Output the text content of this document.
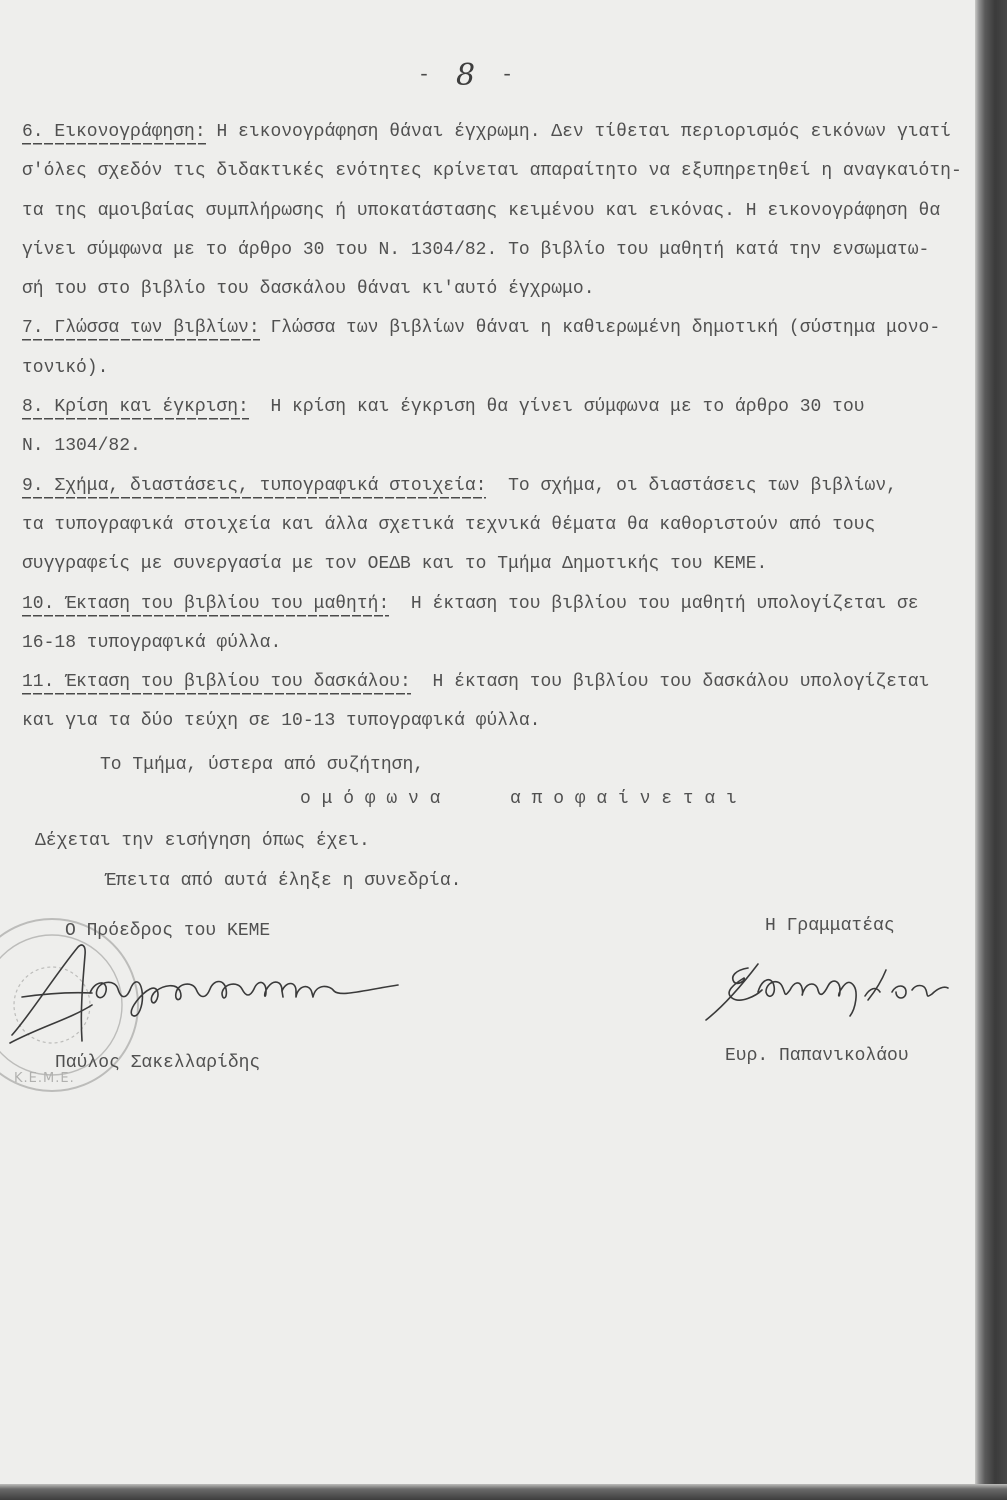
- 8 -
6. Εικονογράφηση: Η εικονογράφηση θάναι έγχρωμη. Δεν τίθεται περιορισμός εικόνων γιατί
σ'όλες σχεδόν τις διδακτικές ενότητες κρίνεται απαραίτητο να εξυπηρετηθεί η αναγκαιότη-
τα της αμοιβαίας συμπλήρωσης ή υποκατάστασης κειμένου και εικόνας. Η εικονογράφηση θα
γίνει σύμφωνα με το άρθρο 30 του Ν. 1304/82. Το βιβλίο του μαθητή κατά την ενσωματω-
σή του στο βιβλίο του δασκάλου θάναι κι'αυτό έγχρωμο.
7. Γλώσσα των βιβλίων: Γλώσσα των βιβλίων θάναι η καθιερωμένη δημοτική (σύστημα μονο-
τονικό).
8. Κρίση και έγκριση:  Η κρίση και έγκριση θα γίνει σύμφωνα με το άρθρο 30 του
Ν. 1304/82.
9. Σχήμα, διαστάσεις, τυπογραφικά στοιχεία:  Το σχήμα, οι διαστάσεις των βιβλίων,
τα τυπογραφικά στοιχεία και άλλα σχετικά τεχνικά θέματα θα καθοριστούν από τους
συγγραφείς με συνεργασία με τον ΟΕΔΒ και το Τμήμα Δημοτικής του ΚΕΜΕ.
10. Έκταση του βιβλίου του μαθητή:  Η έκταση του βιβλίου του μαθητή υπολογίζεται σε
16-18 τυπογραφικά φύλλα.
11. Έκταση του βιβλίου του δασκάλου:  Η έκταση του βιβλίου του δασκάλου υπολογίζεται
και για τα δύο τεύχη σε 10-13 τυπογραφικά φύλλα.
Το Τμήμα, ύστερα από συζήτηση,
ο μ ό φ ω ν α	α π ο φ α ί ν ε τ α ι
Δέχεται την εισήγηση όπως έχει.
Έπειτα από αυτά έληξε η συνεδρία.
Κ.Ε.Μ.Ε.
Ο Πρόεδρος του ΚΕΜΕ	Η Γραμματέας
Παύλος Σακελλαρίδης	Ευρ. Παπανικολάου
